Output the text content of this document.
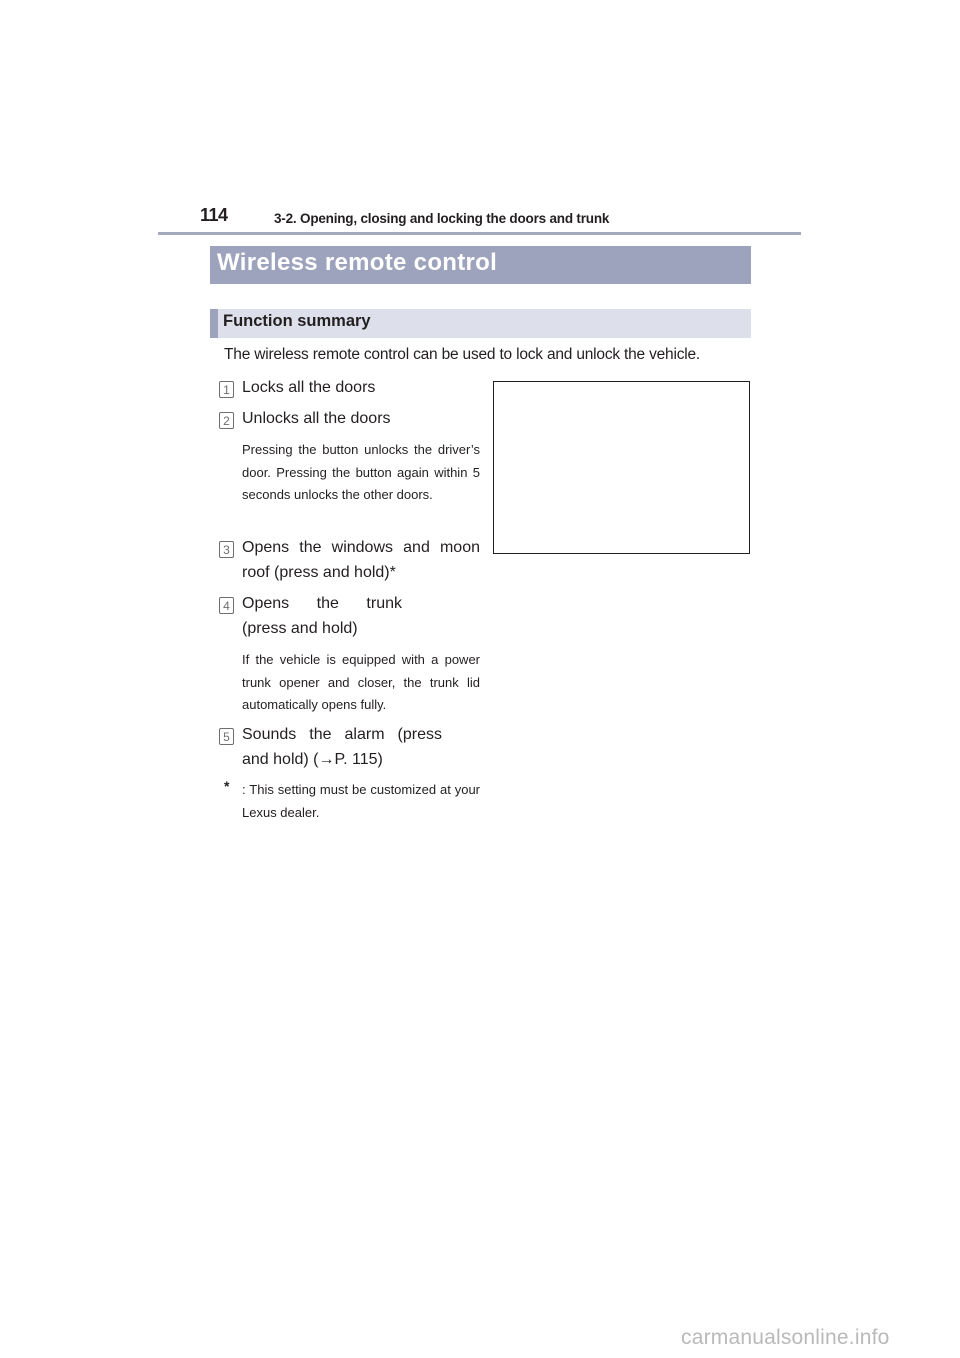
114	3-2. Opening, closing and locking the doors and trunk
Wireless remote control
Function summary
The wireless remote control can be used to lock and unlock the vehicle.
1 Locks all the doors
2 Unlocks all the doors
Pressing the button unlocks the driver’s door. Pressing the button again within 5 seconds unlocks the other doors.
3 Opens the windows and moon roof (press and hold)*
4 Opens the trunk (press and hold)
If the vehicle is equipped with a power trunk opener and closer, the trunk lid automatically opens fully.
5 Sounds the alarm (press and hold) (→P. 115)
* : This setting must be customized at your Lexus dealer.
carmanualsonline.info
